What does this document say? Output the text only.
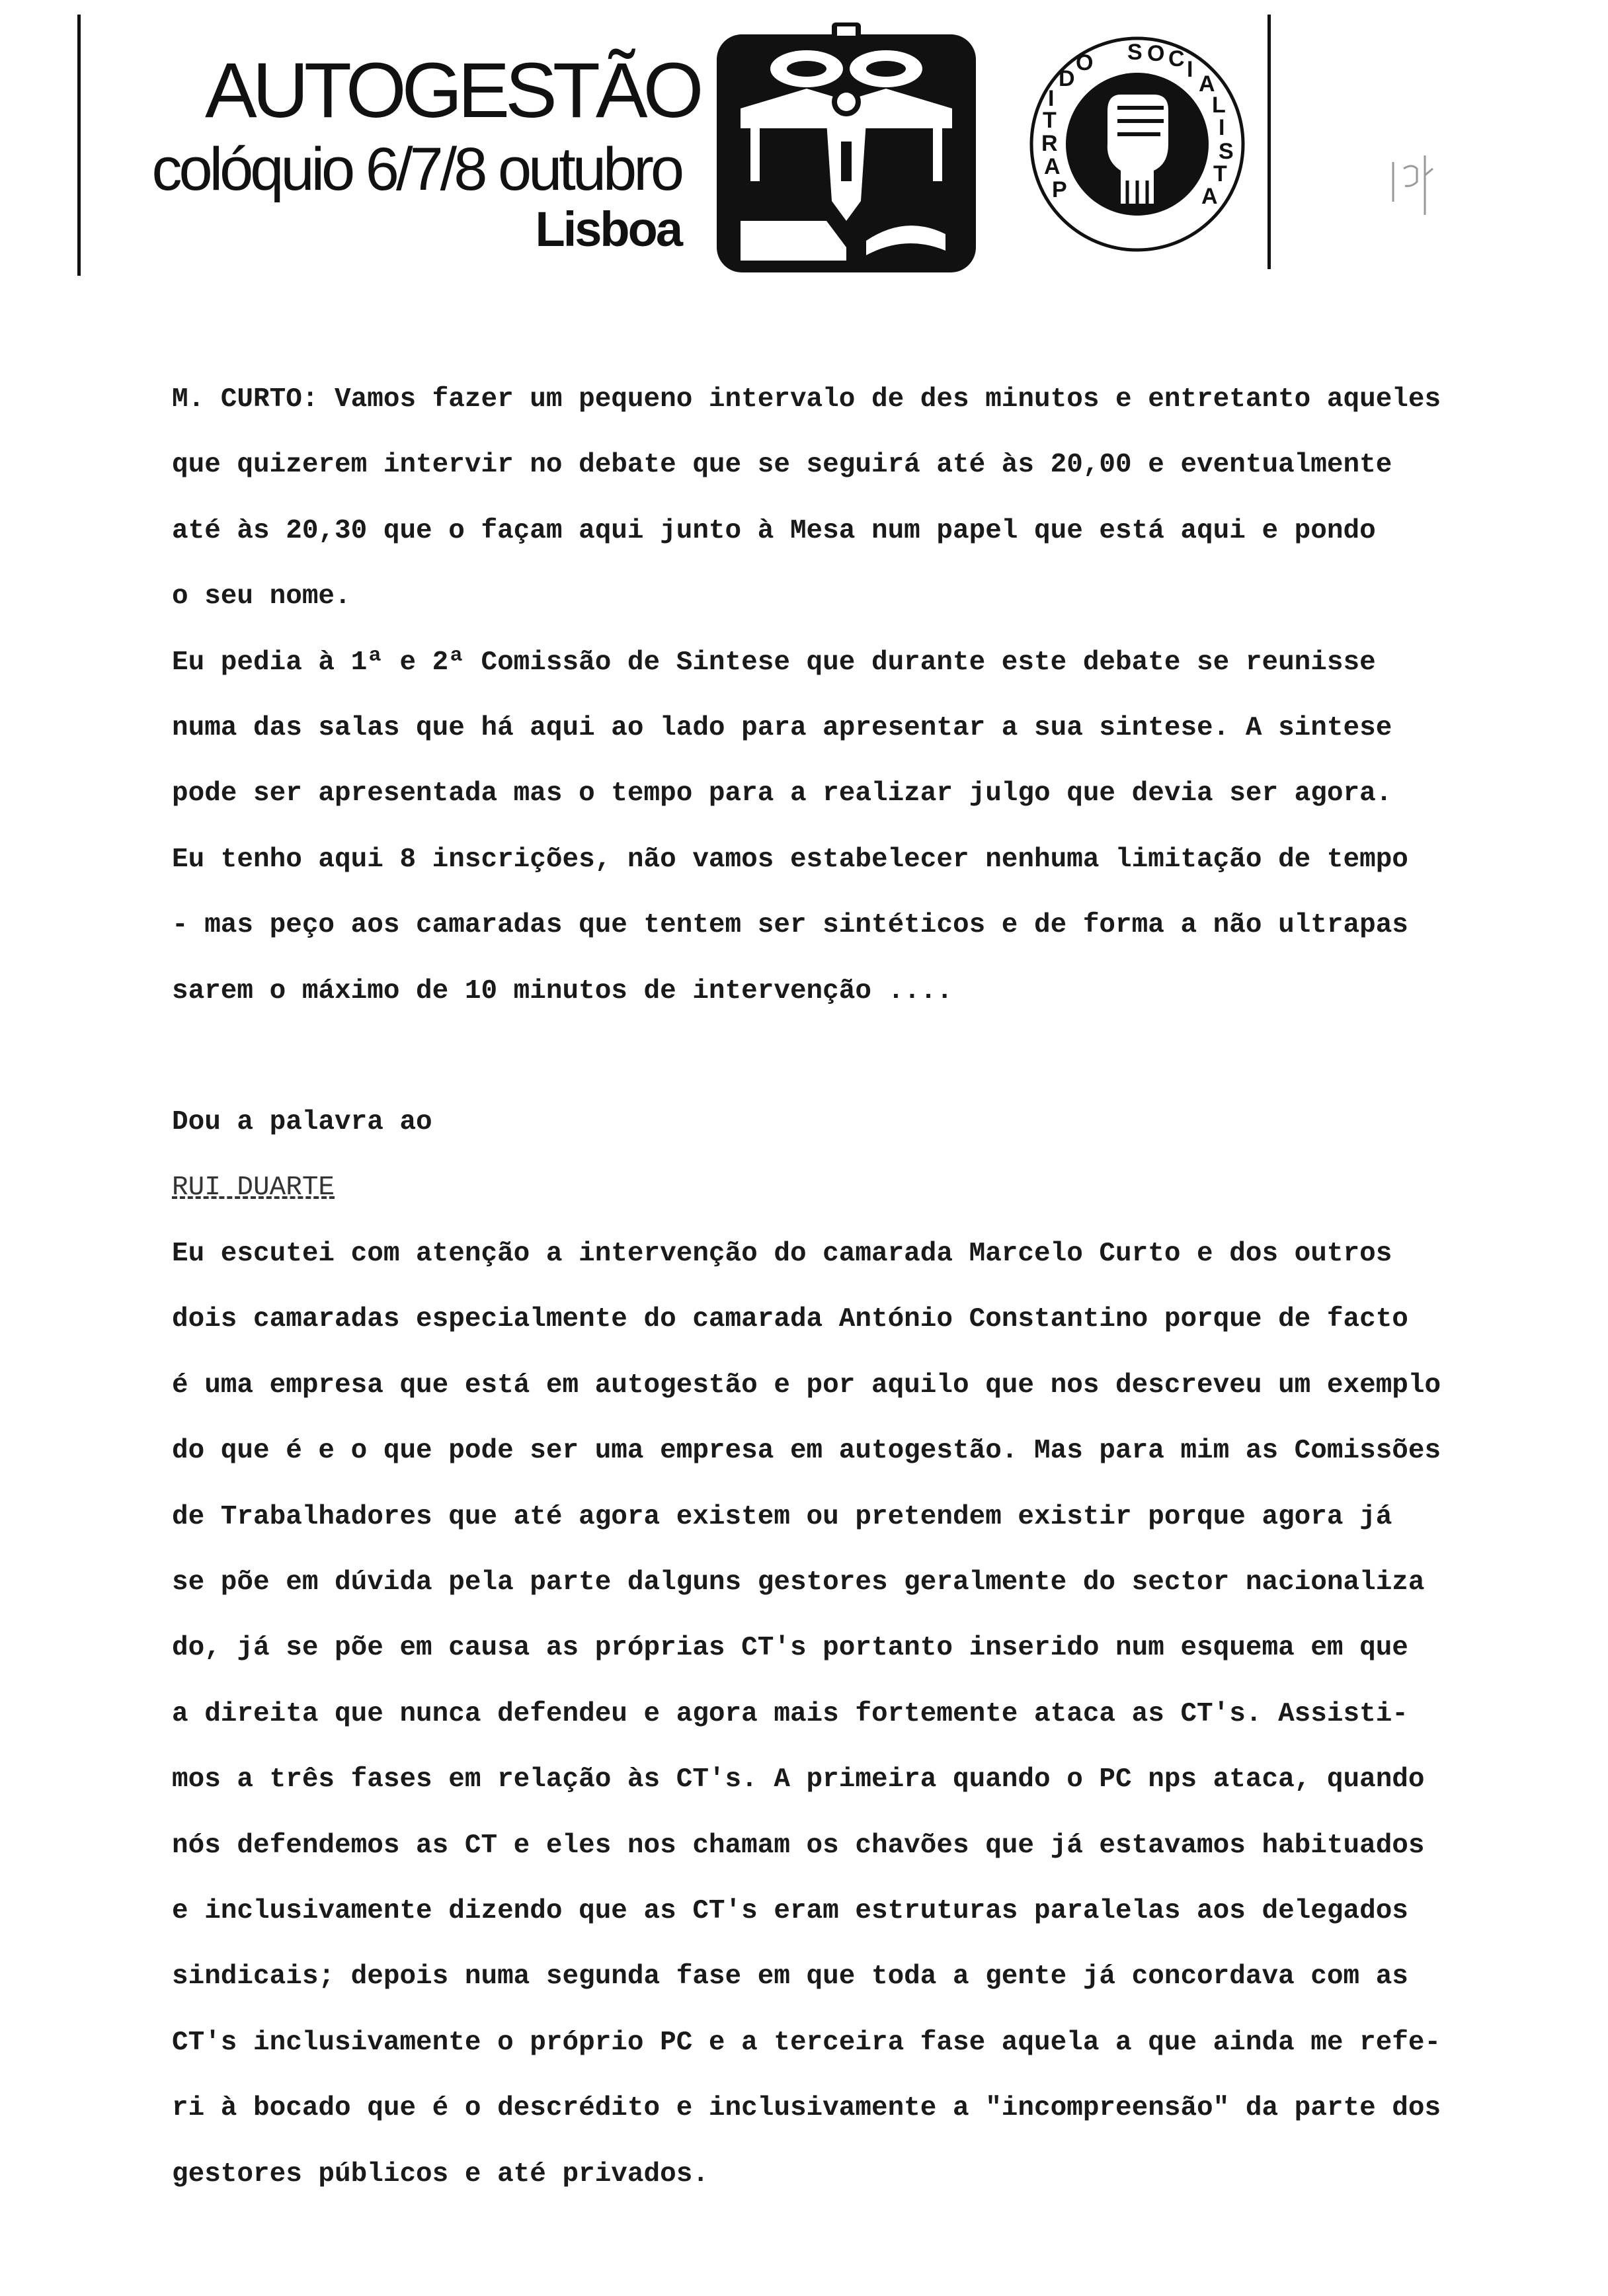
AUTOGESTÃO
colóquio 6/7/8 outubro
Lisboa
S O C I
A
L
I
S
T
A
P
A
R
T
I
D
O

M. CURTO: Vamos fazer um pequeno intervalo de des minutos e entretanto aqueles

que quizerem intervir no debate que se seguirá até às 20,00 e eventualmente

até às 20,30 que o façam aqui junto à Mesa num papel que está aqui e pondo

o seu nome.

Eu pedia à 1ª e 2ª Comissão de Sintese que durante este debate se reunisse

numa das salas que há aqui ao lado para apresentar a sua sintese. A sintese

pode ser apresentada mas o tempo para a realizar julgo que devia ser agora.

Eu tenho aqui 8 inscrições, não vamos estabelecer nenhuma limitação de tempo

- mas peço aos camaradas que tentem ser sintéticos e de forma a não ultrapas

sarem o máximo de 10 minutos de intervenção ....

Dou a palavra ao

RUI DUARTE

Eu escutei com atenção a intervenção do camarada Marcelo Curto e dos outros

dois camaradas especialmente do camarada António Constantino porque de facto

é uma empresa que está em autogestão e por aquilo que nos descreveu um exemplo

do que é e o que pode ser uma empresa em autogestão. Mas para mim as Comissões

de Trabalhadores que até agora existem ou pretendem existir porque agora já

se põe em dúvida pela parte dalguns gestores geralmente do sector nacionaliza

do, já se põe em causa as próprias CT's portanto inserido num esquema em que

a direita que nunca defendeu e agora mais fortemente ataca as CT's. Assisti-

mos a três fases em relação às CT's. A primeira quando o PC nps ataca, quando

nós defendemos as CT e eles nos chamam os chavões que já estavamos habituados

e inclusivamente dizendo que as CT's eram estruturas paralelas aos delegados

sindicais; depois numa segunda fase em que toda a gente já concordava com as

CT's inclusivamente o próprio PC e a terceira fase aquela a que ainda me refe-

ri à bocado que é o descrédito e inclusivamente a "incompreensão" da parte dos

gestores públicos e até privados.
